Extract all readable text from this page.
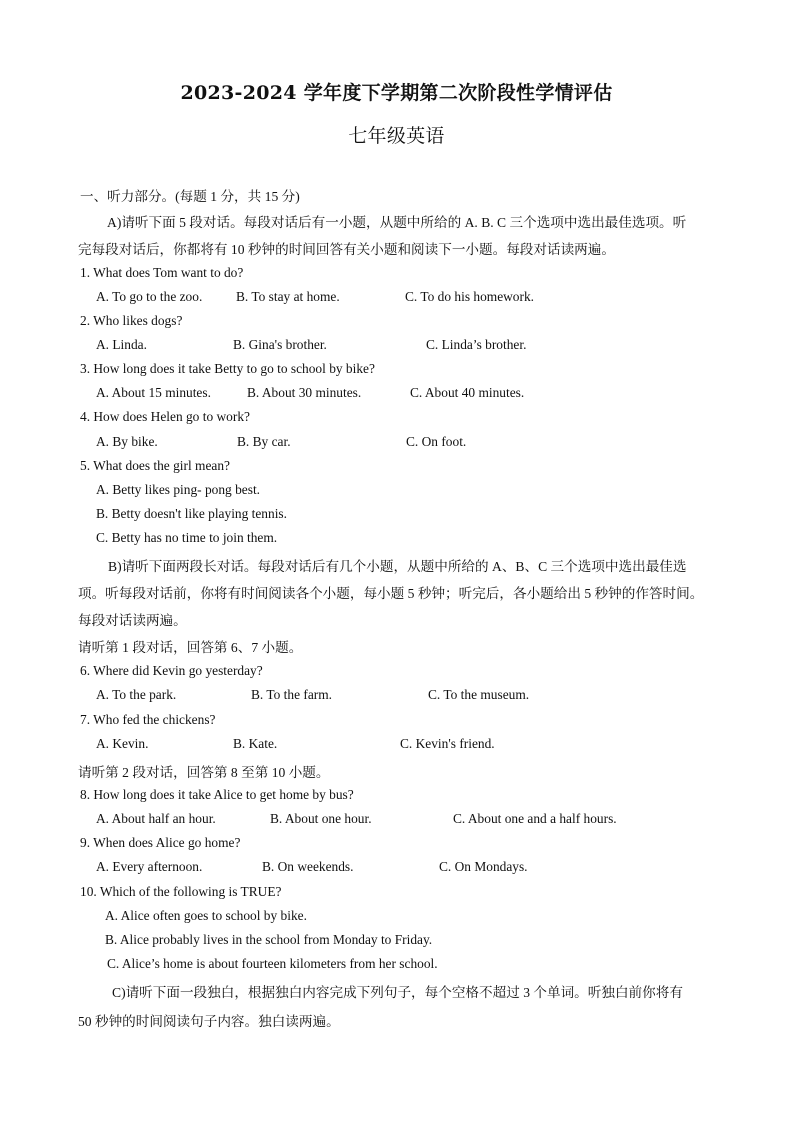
2023-2024 学年度下学期第二次阶段性学情评估
七年级英语
一、听力部分。(每题 1 分，共 15 分)
A)请听下面 5 段对话。每段对话后有一小题，从题中所给的 A. B. C 三个选项中选出最佳选项。听
完每段对话后，你都将有 10 秒钟的时间回答有关小题和阅读下一小题。每段对话读两遍。
1. What does Tom want to do?
A. To go to the zoo.	B. To stay at home.	C. To do his homework.
2. Who likes dogs?
A. Linda.	B. Gina's brother.	C. Linda’s brother.
3. How long does it take Betty to go to school by bike?
A. About 15 minutes.	B. About 30 minutes.	C. About 40 minutes.
4. How does Helen go to work?
A. By bike.	B. By car.	C. On foot.
5. What does the girl mean?
A. Betty likes ping- pong best.
B. Betty doesn't like playing tennis.
C. Betty has no time to join them.
B)请听下面两段长对话。每段对话后有几个小题，从题中所给的 A、B、C 三个选项中选出最佳选
项。听每段对话前，你将有时间阅读各个小题，每小题 5 秒钟；听完后，各小题给出 5 秒钟的作答时间。
每段对话读两遍。
请听第 1 段对话，回答第 6、7 小题。
6. Where did Kevin go yesterday?
A. To the park.	B. To the farm.	C. To the museum.
7. Who fed the chickens?
A. Kevin.	B. Kate.	C. Kevin's friend.
请听第 2 段对话，回答第 8 至第 10 小题。
8. How long does it take Alice to get home by bus?
A. About half an hour.	B. About one hour.	C. About one and a half hours.
9. When does Alice go home?
A. Every afternoon.	B. On weekends.	C. On Mondays.
10. Which of the following is TRUE?
A. Alice often goes to school by bike.
B. Alice probably lives in the school from Monday to Friday.
C. Alice’s home is about fourteen kilometers from her school.
C)请听下面一段独白，根据独白内容完成下列句子，每个空格不超过 3 个单词。听独白前你将有
50 秒钟的时间阅读句子内容。独白读两遍。
